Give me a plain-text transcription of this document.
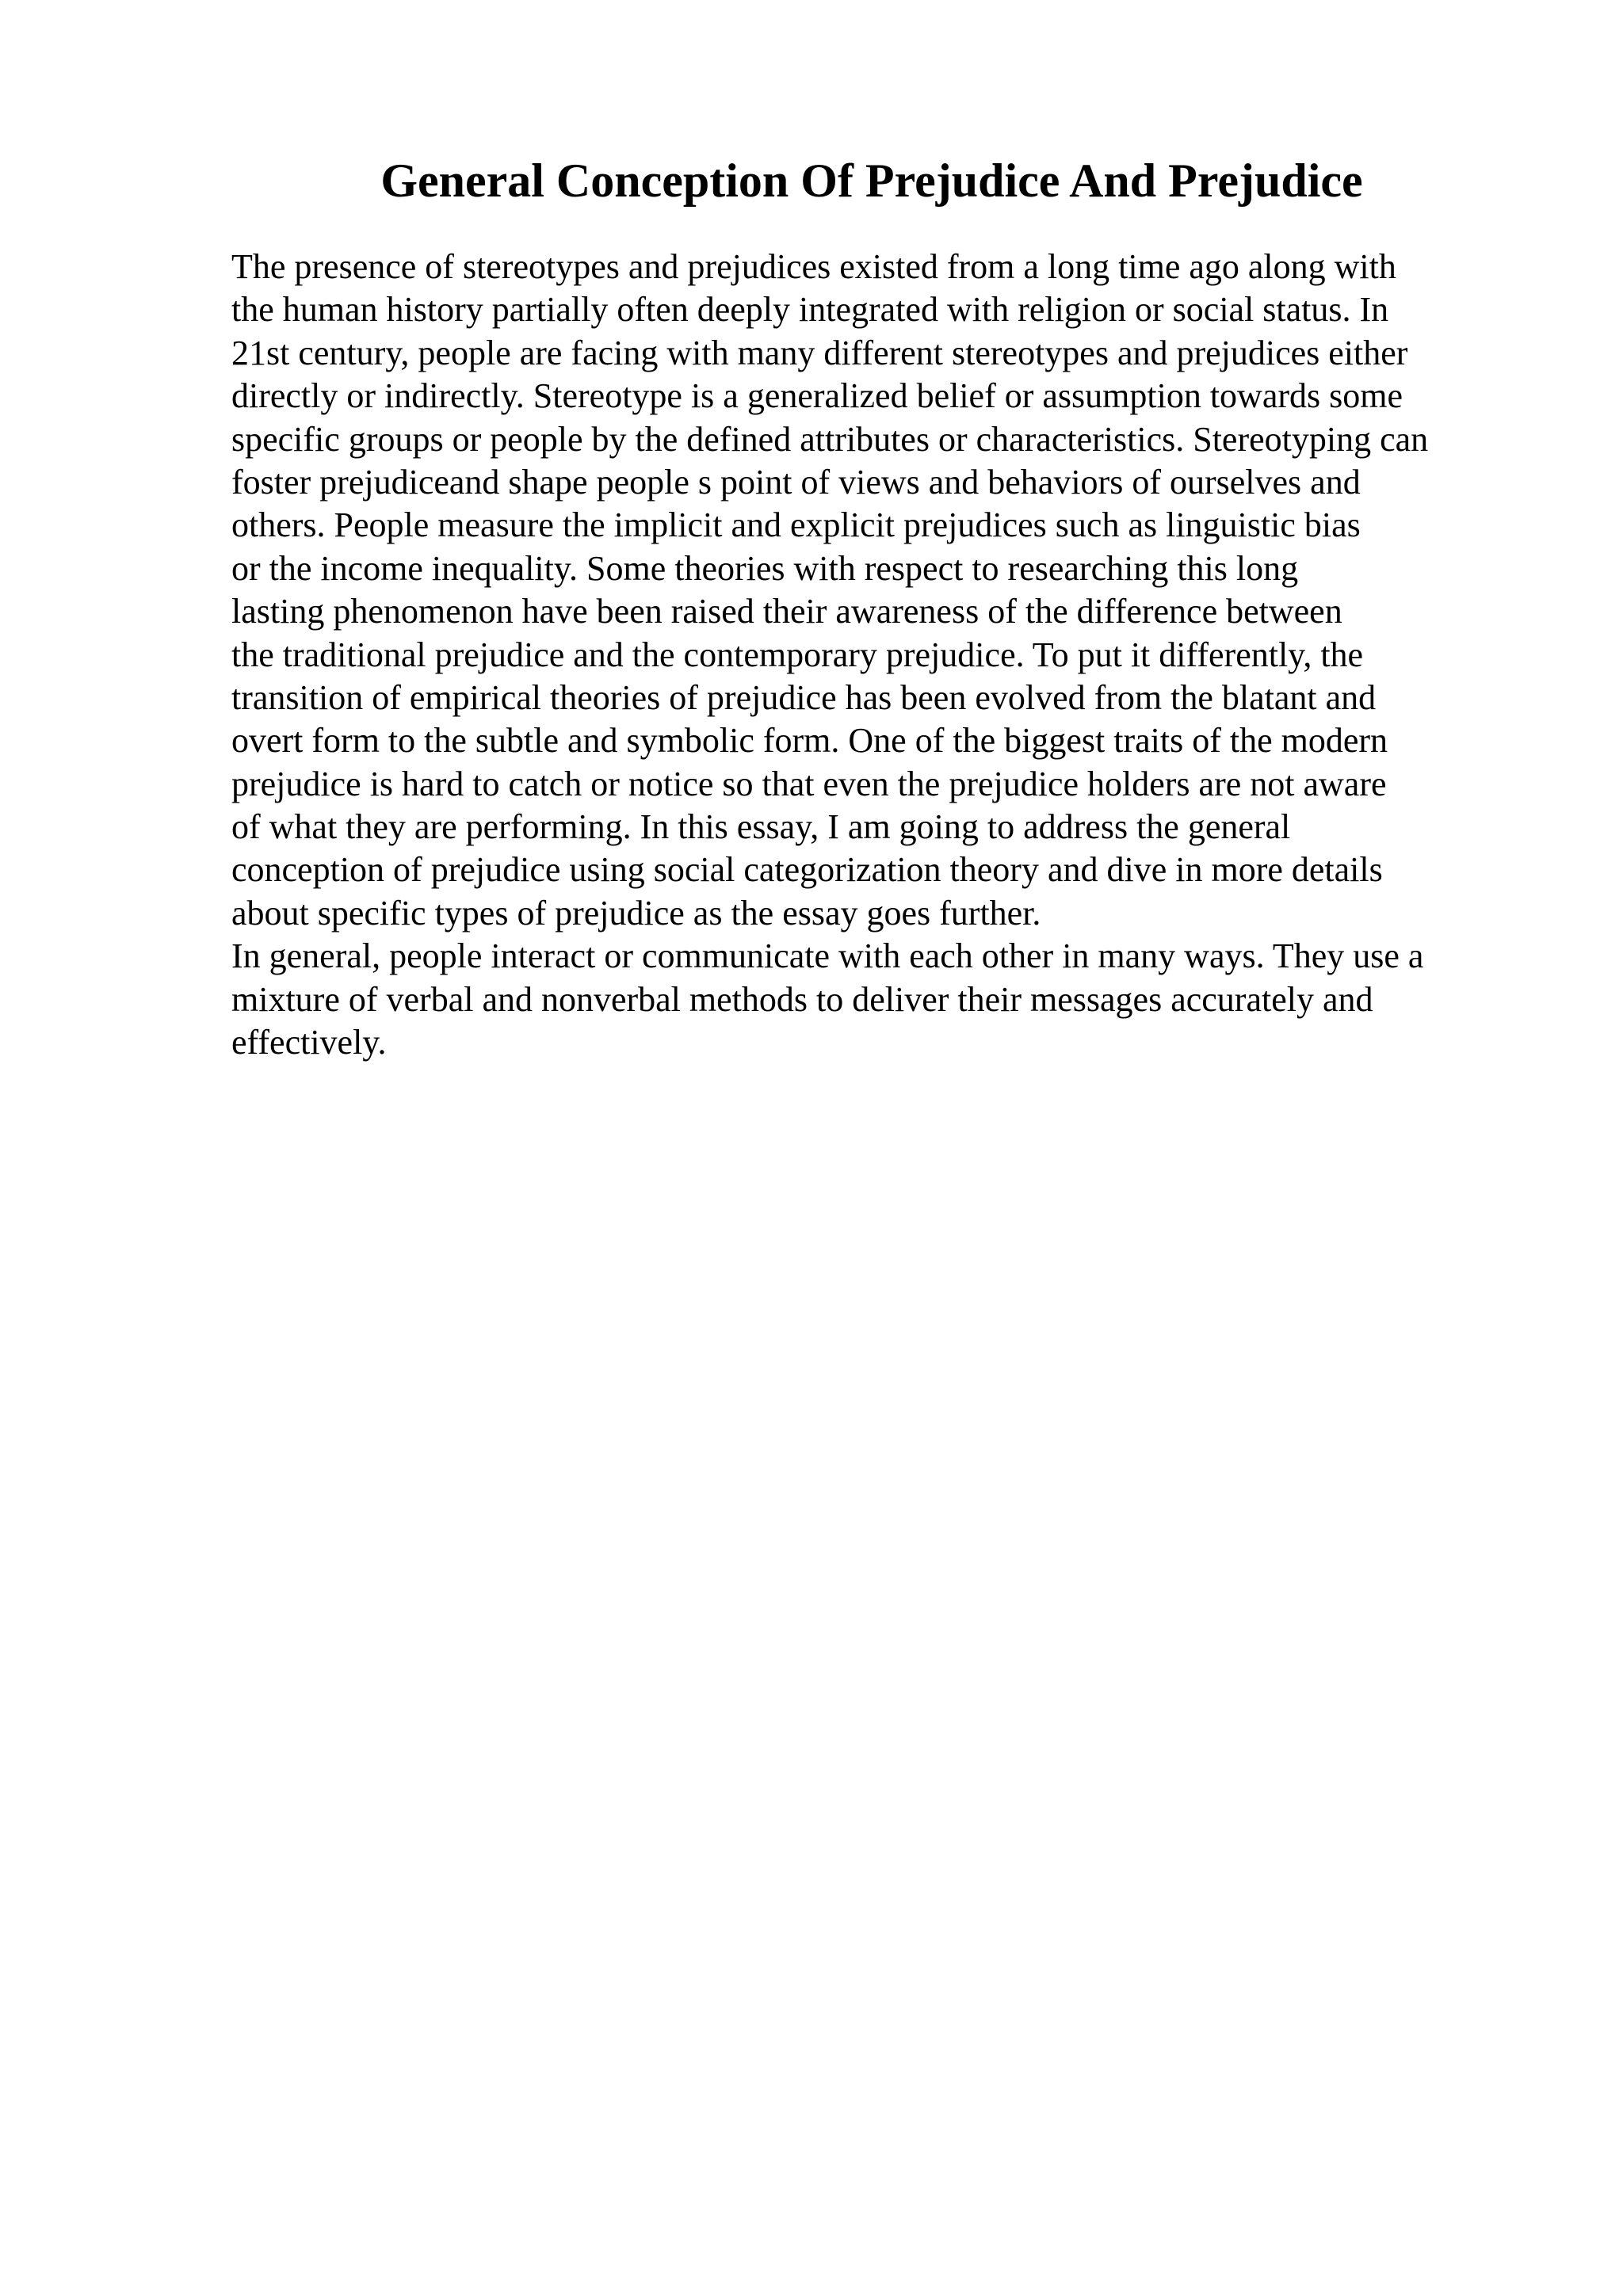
General Conception Of Prejudice And Prejudice
The presence of stereotypes and prejudices existed from a long time ago along with
the human history partially often deeply integrated with religion or social status. In
21st century, people are facing with many different stereotypes and prejudices either
directly or indirectly. Stereotype is a generalized belief or assumption towards some
specific groups or people by the defined attributes or characteristics. Stereotyping can
foster prejudiceand shape people s point of views and behaviors of ourselves and
others. People measure the implicit and explicit prejudices such as linguistic bias
or the income inequality. Some theories with respect to researching this long
lasting phenomenon have been raised their awareness of the difference between
the traditional prejudice and the contemporary prejudice. To put it differently, the
transition of empirical theories of prejudice has been evolved from the blatant and
overt form to the subtle and symbolic form. One of the biggest traits of the modern
prejudice is hard to catch or notice so that even the prejudice holders are not aware
of what they are performing. In this essay, I am going to address the general
conception of prejudice using social categorization theory and dive in more details
about specific types of prejudice as the essay goes further.
In general, people interact or communicate with each other in many ways. They use a
mixture of verbal and nonverbal methods to deliver their messages accurately and
effectively.
